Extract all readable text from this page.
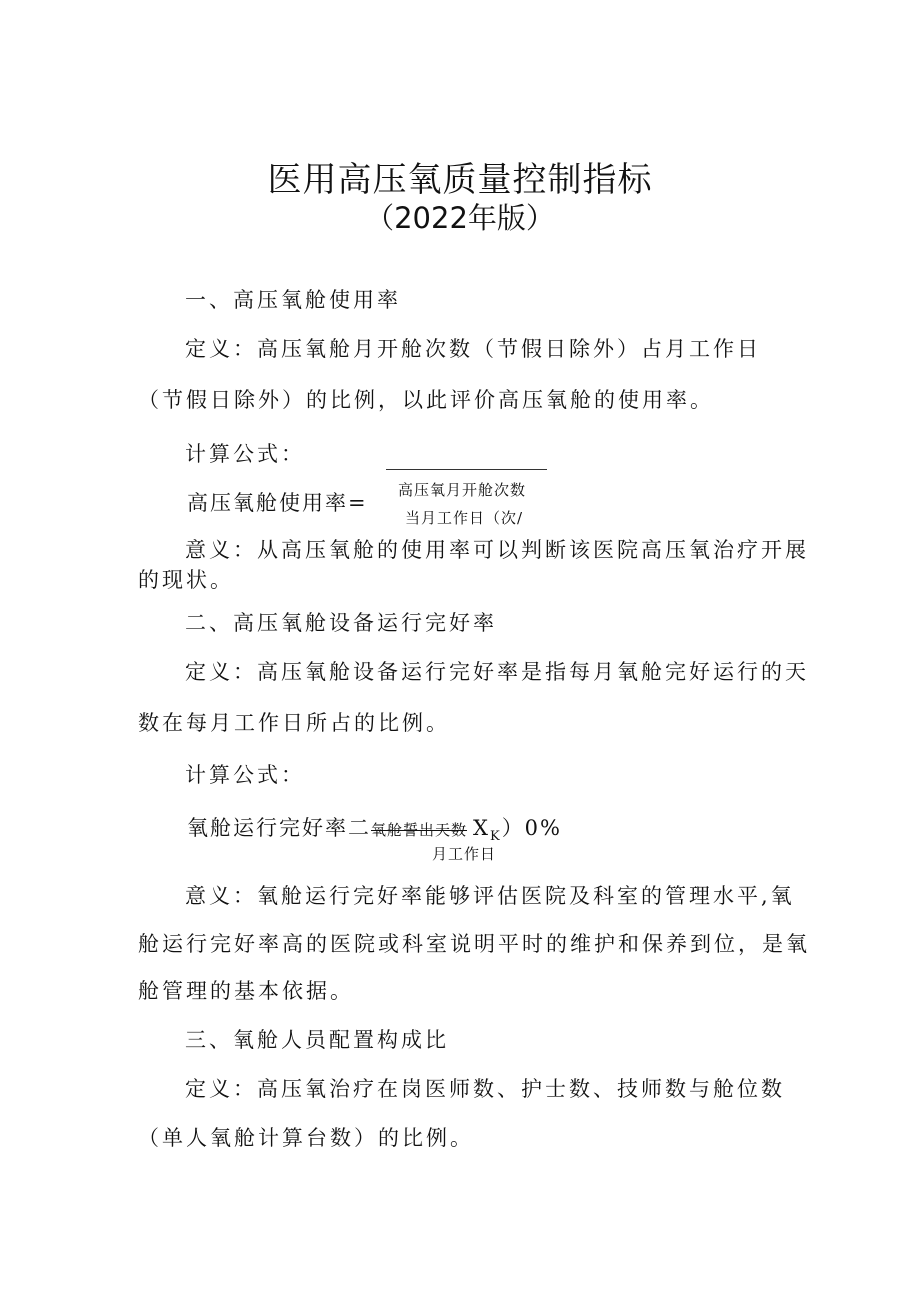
医用高压氧质量控制指标
（2022年版）
一、高压氧舱使用率
定义：高压氧舱月开舱次数（节假日除外）占月工作日
（节假日除外）的比例，以此评价高压氧舱的使用率。
计算公式：
高压氧月开舱次数
高压氧舱使用率=
当月工作日（次/
意义：从高压氧舱的使用率可以判断该医院高压氧治疗开展
的现状。
二、高压氧舱设备运行完好率
定义：高压氧舱设备运行完好率是指每月氧舱完好运行的天
数在每月工作日所占的比例。
计算公式：
氧舱运行完好率二氧舱誓出天数 $X_K)0\%$
月工作日
意义：氧舱运行完好率能够评估医院及科室的管理水平,氧
舱运行完好率高的医院或科室说明平时的维护和保养到位，是氧
舱管理的基本依据。
三、氧舱人员配置构成比
定义：高压氧治疗在岗医师数、护士数、技师数与舱位数
（单人氧舱计算台数）的比例。
